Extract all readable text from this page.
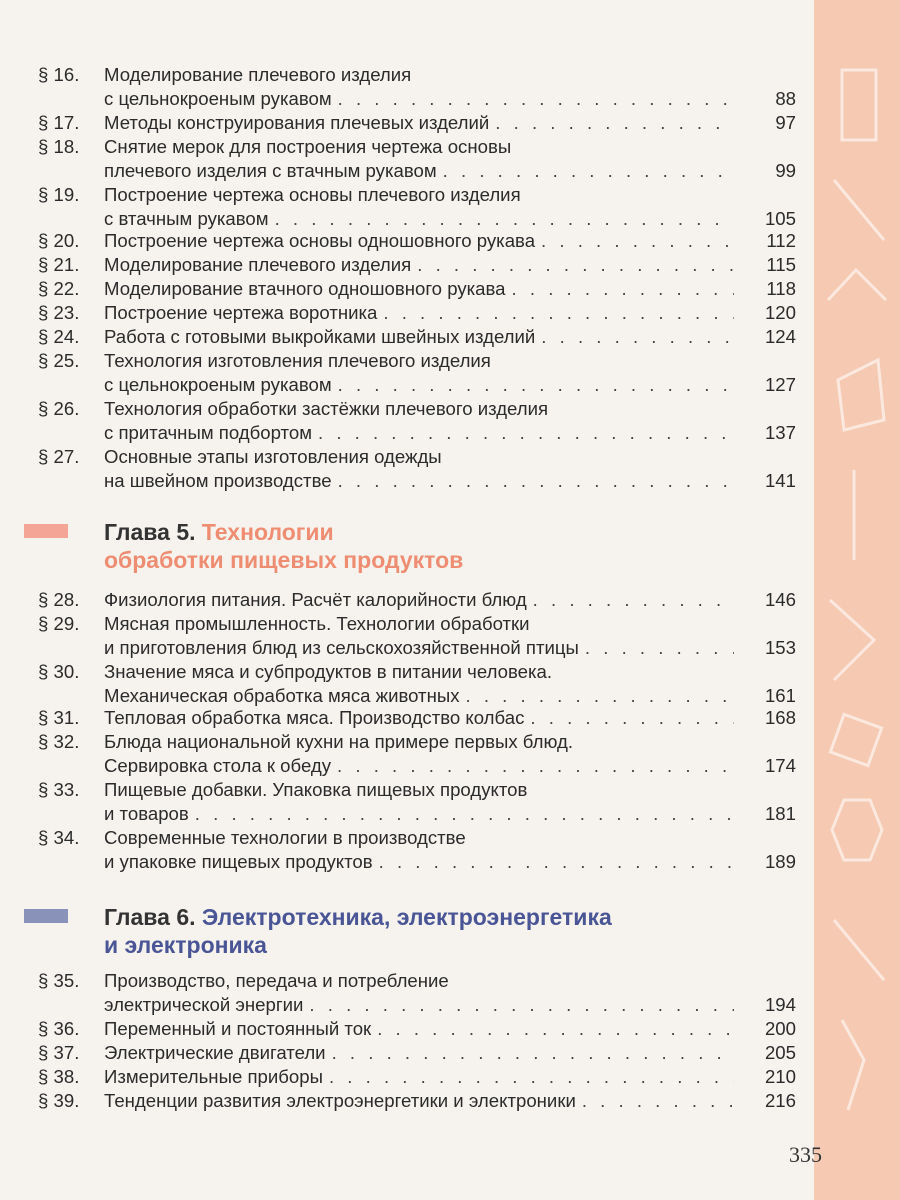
§ 16.	Моделирование плечевого изделия
с цельнокроеным рукавом . . .	88
§ 17.	Методы конструирования плечевых изделий . . .	97
§ 18.	Снятие мерок для построения чертежа основы
плечевого изделия с втачным рукавом . . .	99
§ 19.	Построение чертежа основы плечевого изделия
с втачным рукавом . . .	105
§ 20.	Построение чертежа основы одношовного рукава . . .	112
§ 21.	Моделирование плечевого изделия . . .	115
§ 22.	Моделирование втачного одношовного рукава . . .	118
§ 23.	Построение чертежа воротника . . .	120
§ 24.	Работа с готовыми выкройками швейных изделий . . .	124
§ 25.	Технология изготовления плечевого изделия
с цельнокроеным рукавом . . .	127
§ 26.	Технология обработки застёжки плечевого изделия
с притачным подбортом . . .	137
§ 27.	Основные этапы изготовления одежды
на швейном производстве . . .	141
Глава 5. Технологии
обработки пищевых продуктов
§ 28.	Физиология питания. Расчёт калорийности блюд . . .	146
§ 29.	Мясная промышленность. Технологии обработки
и приготовления блюд из сельскохозяйственной птицы . . .	153
§ 30.	Значение мяса и субпродуктов в питании человека.
Механическая обработка мяса животных . . .	161
§ 31.	Тепловая обработка мяса. Производство колбас . . .	168
§ 32.	Блюда национальной кухни на примере первых блюд.
Сервировка стола к обеду . . .	174
§ 33.	Пищевые добавки. Упаковка пищевых продуктов
и товаров . . .	181
§ 34.	Современные технологии в производстве
и упаковке пищевых продуктов . . .	189
Глава 6. Электротехника, электроэнергетика
и электроника
§ 35.	Производство, передача и потребление
электрической энергии . . .	194
§ 36.	Переменный и постоянный ток . . .	200
§ 37.	Электрические двигатели . . .	205
§ 38.	Измерительные приборы . . .	210
§ 39.	Тенденции развития электроэнергетики и электроники . . .	216
335
